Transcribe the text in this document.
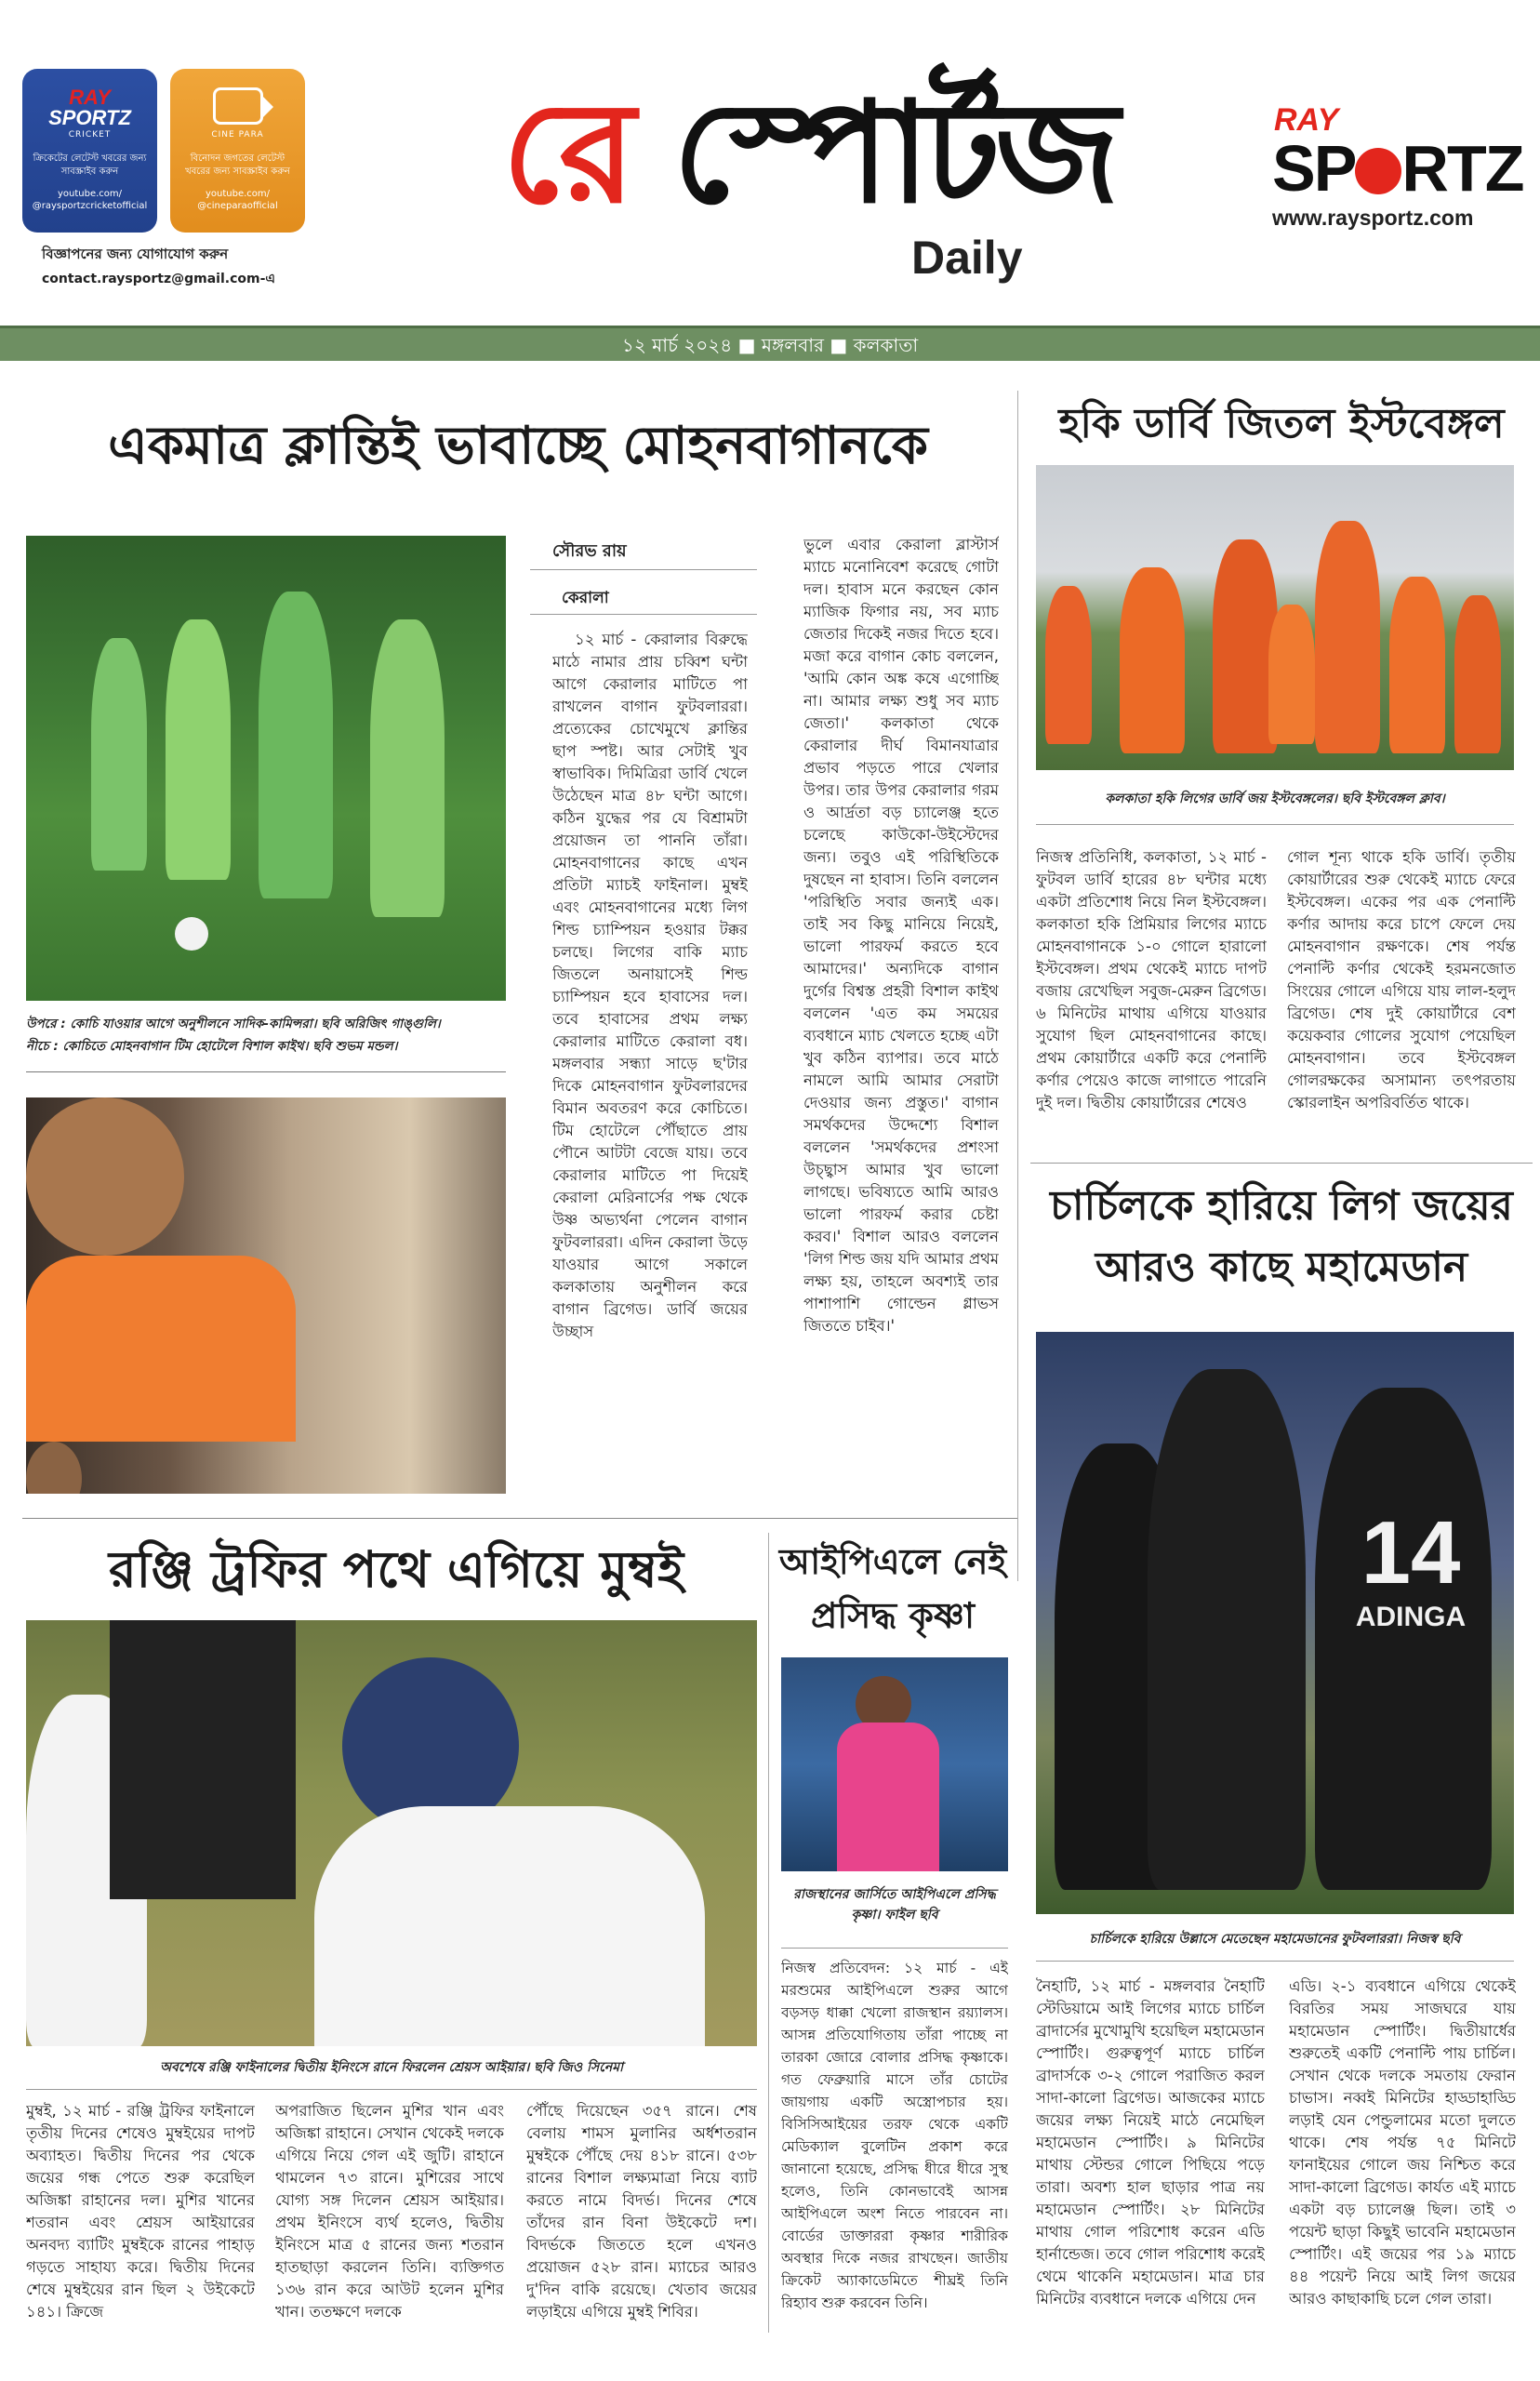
RAY
SPORTZ
CRICKET
ক্রিকেটের লেটেস্ট খবরের জন্য সাবস্ক্রাইব করুন
youtube.com/ @raysportzcricketofficial
CINE PARA
বিনোদন জগতের লেটেস্ট খবরের জন্য সাবস্ক্রাইব করুন
youtube.com/ @cineparaofficial
বিজ্ঞাপনের জন্য যোগাযোগ করুন
contact.raysportz@gmail.com-এ
রে স্পোর্টজ
Daily
RAY
SP RTZ
www.raysportz.com
১২ মার্চ ২০২৪ ■ মঙ্গলবার ■ কলকাতা
একমাত্র ক্লান্তিই ভাবাচ্ছে মোহনবাগানকে
উপরে : কোচি যাওয়ার আগে অনুশীলনে সাদিক-কামিন্সরা। ছবি অরিজিৎ গাঙ্গুলি।
নীচে : কোচিতে মোহনবাগান টিম হোটেলে বিশাল কাইথ। ছবি শুভম মন্ডল।
সৌরভ রায়
কেরালা
১২ মার্চ - কেরালার বিরুদ্ধে মাঠে নামার প্রায় চব্বিশ ঘন্টা আগে কেরালার মাটিতে পা রাখলেন বাগান ফুটবলাররা। প্রত্যেকের চোখেমুখে ক্লান্তির ছাপ স্পষ্ট। আর সেটাই খুব স্বাভাবিক। দিমিত্রিরা ডার্বি খেলে উঠেছেন মাত্র ৪৮ ঘন্টা আগে। কঠিন যুদ্ধের পর যে বিশ্রামটা প্রয়োজন তা পাননি তাঁরা। মোহনবাগানের কাছে এখন প্রতিটা ম্যাচই ফাইনাল। মুম্বই এবং মোহনবাগানের মধ্যে লিগ শিল্ড চ্যাম্পিয়ন হওয়ার টক্কর চলছে। লিগের বাকি ম্যাচ জিতলে অনায়াসেই শিল্ড চ্যাম্পিয়ন হবে হাবাসের দল। তবে হাবাসের প্রথম লক্ষ্য কেরালার মাটিতে কেরালা বধ। মঙ্গলবার সন্ধ্যা সাড়ে ছ'টার দিকে মোহনবাগান ফুটবলারদের বিমান অবতরণ করে কোচিতে। টিম হোটেলে পৌঁছাতে প্রায় পৌনে আটটা বেজে যায়। তবে কেরালার মাটিতে পা দিয়েই কেরালা মেরিনার্সের পক্ষ থেকে উষ্ণ অভ্যর্থনা পেলেন বাগান ফুটবলাররা। এদিন কেরালা উড়ে যাওয়ার আগে সকালে কলকাতায় অনুশীলন করে বাগান ব্রিগেড। ডার্বি জয়ের উচ্ছাস
ভুলে এবার কেরালা ব্লাস্টার্স ম্যাচে মনোনিবেশ করেছে গোটা দল। হাবাস মনে করছেন কোন ম্যাজিক ফিগার নয়, সব ম্যাচ জেতার দিকেই নজর দিতে হবে। মজা করে বাগান কোচ বললেন, 'আমি কোন অঙ্ক কষে এগোচ্ছি না। আমার লক্ষ্য শুধু সব ম্যাচ জেতা।' কলকাতা থেকে কেরালার দীর্ঘ বিমানযাত্রার প্রভাব পড়তে পারে খেলার উপর। তার উপর কেরালার গরম ও আর্দ্রতা বড় চ্যালেঞ্জ হতে চলেছে কাউকো-উইস্টেদের জন্য। তবুও এই পরিস্থিতিকে দুষছেন না হাবাস। তিনি বললেন 'পরিস্থিতি সবার জন্যই এক। তাই সব কিছু মানিয়ে নিয়েই, ভালো পারফর্ম করতে হবে আমাদের।' অন্যদিকে বাগান দুর্গের বিশ্বস্ত প্রহরী বিশাল কাইথ বললেন 'এত কম সময়ের ব্যবধানে ম্যাচ খেলতে হচ্ছে এটা খুব কঠিন ব্যাপার। তবে মাঠে নামলে আমি আমার সেরাটা দেওয়ার জন্য প্রস্তুত।' বাগান সমর্থকদের উদ্দেশ্যে বিশাল বললেন 'সমর্থকদের প্রশংসা উচ্ছ্বাস আমার খুব ভালো লাগছে। ভবিষ্যতে আমি আরও ভালো পারফর্ম করার চেষ্টা করব।' বিশাল আরও বললেন 'লিগ শিল্ড জয় যদি আমার প্রথম লক্ষ্য হয়, তাহলে অবশ্যই তার পাশাপাশি গোল্ডেন গ্লাভস জিততে চাইব।'
হকি ডার্বি জিতল ইস্টবেঙ্গল
কলকাতা হকি লিগের ডার্বি জয় ইস্টবেঙ্গলের। ছবি ইস্টবেঙ্গল ক্লাব।
নিজস্ব প্রতিনিধি, কলকাতা, ১২ মার্চ - ফুটবল ডার্বি হারের ৪৮ ঘন্টার মধ্যে একটা প্রতিশোধ নিয়ে নিল ইস্টবেঙ্গল। কলকাতা হকি প্রিমিয়ার লিগের ম্যাচে মোহনবাগানকে ১-০ গোলে হারালো ইস্টবেঙ্গল। প্রথম থেকেই ম্যাচে দাপট বজায় রেখেছিল সবুজ-মেরুন ব্রিগেড। ৬ মিনিটের মাথায় এগিয়ে যাওয়ার সুযোগ ছিল মোহনবাগানের কাছে। প্রথম কোয়ার্টারে একটি করে পেনাল্টি কর্ণার পেয়েও কাজে লাগাতে পারেনি দুই দল। দ্বিতীয় কোয়ার্টারের শেষেও
গোল শূন্য থাকে হকি ডার্বি। তৃতীয় কোয়ার্টারের শুরু থেকেই ম্যাচে ফেরে ইস্টবেঙ্গল। একের পর এক পেনাল্টি কর্ণার আদায় করে চাপে ফেলে দেয় মোহনবাগান রক্ষণকে। শেষ পর্যন্ত পেনাল্টি কর্ণার থেকেই হরমনজোত সিংয়ের গোলে এগিয়ে যায় লাল-হলুদ ব্রিগেড। শেষ দুই কোয়ার্টারে বেশ কয়েকবার গোলের সুযোগ পেয়েছিল মোহনবাগান। তবে ইস্টবেঙ্গল গোলরক্ষকের অসামান্য তৎপরতায় স্কোরলাইন অপরিবর্তিত থাকে।
চার্চিলকে হারিয়ে লিগ জয়ের
আরও কাছে মহামেডান
14
ADINGA
চার্চিলকে হারিয়ে উল্লাসে মেতেছেন মহামেডানের ফুটবলাররা। নিজস্ব ছবি
নৈহাটি, ১২ মার্চ - মঙ্গলবার নৈহাটি স্টেডিয়ামে আই লিগের ম্যাচে চার্চিল ব্রাদার্সের মুখোমুখি হয়েছিল মহামেডান স্পোর্টিং। গুরুত্বপূর্ণ ম্যাচে চার্চিল ব্রাদার্সকে ৩-২ গোলে পরাজিত করল সাদা-কালো ব্রিগেড। আজকের ম্যাচে জয়ের লক্ষ্য নিয়েই মাঠে নেমেছিল মহামেডান স্পোর্টিং। ৯ মিনিটের মাথায় স্টেন্ডর গোলে পিছিয়ে পড়ে তারা। অবশ্য হাল ছাড়ার পাত্র নয় মহামেডান স্পোর্টিং। ২৮ মিনিটের মাথায় গোল পরিশোধ করেন এডি হার্নান্ডেজ। তবে গোল পরিশোধ করেই থেমে থাকেনি মহামেডান। মাত্র চার মিনিটের ব্যবধানে দলকে এগিয়ে দেন
এডি। ২-১ ব্যবধানে এগিয়ে থেকেই বিরতির সময় সাজঘরে যায় মহামেডান স্পোর্টিং। দ্বিতীয়ার্ধের শুরুতেই একটি পেনাল্টি পায় চার্চিল। সেখান থেকে দলকে সমতায় ফেরান চাভাস। নব্বই মিনিটের হাড্ডাহাড্ডি লড়াই যেন পেন্ডুলামের মতো দুলতে থাকে। শেষ পর্যন্ত ৭৫ মিনিটে ফানাইয়ের গোলে জয় নিশ্চিত করে সাদা-কালো ব্রিগেড। কার্যত এই ম্যাচে একটা বড় চ্যালেঞ্জ ছিল। তাই ৩ পয়েন্ট ছাড়া কিছুই ভাবেনি মহামেডান স্পোর্টিং। এই জয়ের পর ১৯ ম্যাচে ৪৪ পয়েন্ট নিয়ে আই লিগ জয়ের আরও কাছাকাছি চলে গেল তারা।
রঞ্জি ট্রফির পথে এগিয়ে মুম্বই
অবশেষে রঞ্জি ফাইনালের দ্বিতীয় ইনিংসে রানে ফিরলেন শ্রেয়স আইয়ার। ছবি জিও সিনেমা
মুম্বই, ১২ মার্চ - রঞ্জি ট্রফির ফাইনালে তৃতীয় দিনের শেষেও মুম্বইয়ের দাপট অব্যাহত। দ্বিতীয় দিনের পর থেকে জয়ের গন্ধ পেতে শুরু করেছিল অজিঙ্কা রাহানের দল। মুশির খানের শতরান এবং শ্রেয়স আইয়ারের অনবদ্য ব্যাটিং মুম্বইকে রানের পাহাড় গড়তে সাহায্য করে। দ্বিতীয় দিনের শেষে মুম্বইয়ের রান ছিল ২ উইকেটে ১৪১। ক্রিজে
অপরাজিত ছিলেন মুশির খান এবং অজিঙ্কা রাহানে। সেখান থেকেই দলকে এগিয়ে নিয়ে গেল এই জুটি। রাহানে থামলেন ৭৩ রানে। মুশিরের সাথে যোগ্য সঙ্গ দিলেন শ্রেয়স আইয়ার। প্রথম ইনিংসে ব্যর্থ হলেও, দ্বিতীয় ইনিংসে মাত্র ৫ রানের জন্য শতরান হাতছাড়া করলেন তিনি। ব্যক্তিগত ১৩৬ রান করে আউট হলেন মুশির খান। ততক্ষণে দলকে
পৌঁছে দিয়েছেন ৩৫৭ রানে। শেষ বেলায় শামস মুলানির অর্ধশতরান মুম্বইকে পৌঁছে দেয় ৪১৮ রানে। ৫৩৮ রানের বিশাল লক্ষ্যমাত্রা নিয়ে ব্যাট করতে নামে বিদর্ভ। দিনের শেষে তাঁদের রান বিনা উইকেটে দশ। বিদর্ভকে জিততে হলে এখনও প্রয়োজন ৫২৮ রান। ম্যাচের আরও দু'দিন বাকি রয়েছে। খেতাব জয়ের লড়াইয়ে এগিয়ে মুম্বই শিবির।
আইপিএলে নেই
প্রসিদ্ধ কৃষ্ণা
রাজস্থানের জার্সিতে আইপিএলে প্রসিদ্ধ কৃষ্ণা। ফাইল ছবি
নিজস্ব প্রতিবেদন: ১২ মার্চ - এই মরশুমের আইপিএলে শুরুর আগে বড়সড় ধাক্কা খেলো রাজস্থান রয়্যালস। আসন্ন প্রতিযোগিতায় তাঁরা পাচ্ছে না তারকা জোরে বোলার প্রসিদ্ধ কৃষ্ণাকে। গত ফেব্রুয়ারি মাসে তাঁর চোটের জায়গায় একটি অস্ত্রোপচার হয়। বিসিসিআইয়ের তরফ থেকে একটি মেডিক্যাল বুলেটিন প্রকাশ করে জানানো হয়েছে, প্রসিদ্ধ ধীরে ধীরে সুস্থ হলেও, তিনি কোনভাবেই আসন্ন আইপিএলে অংশ নিতে পারবেন না। বোর্ডের ডাক্তাররা কৃষ্ণার শারীরিক অবস্থার দিকে নজর রাখছেন। জাতীয় ক্রিকেট অ্যাকাডেমিতে শীঘ্রই তিনি রিহ্যাব শুরু করবেন তিনি।
